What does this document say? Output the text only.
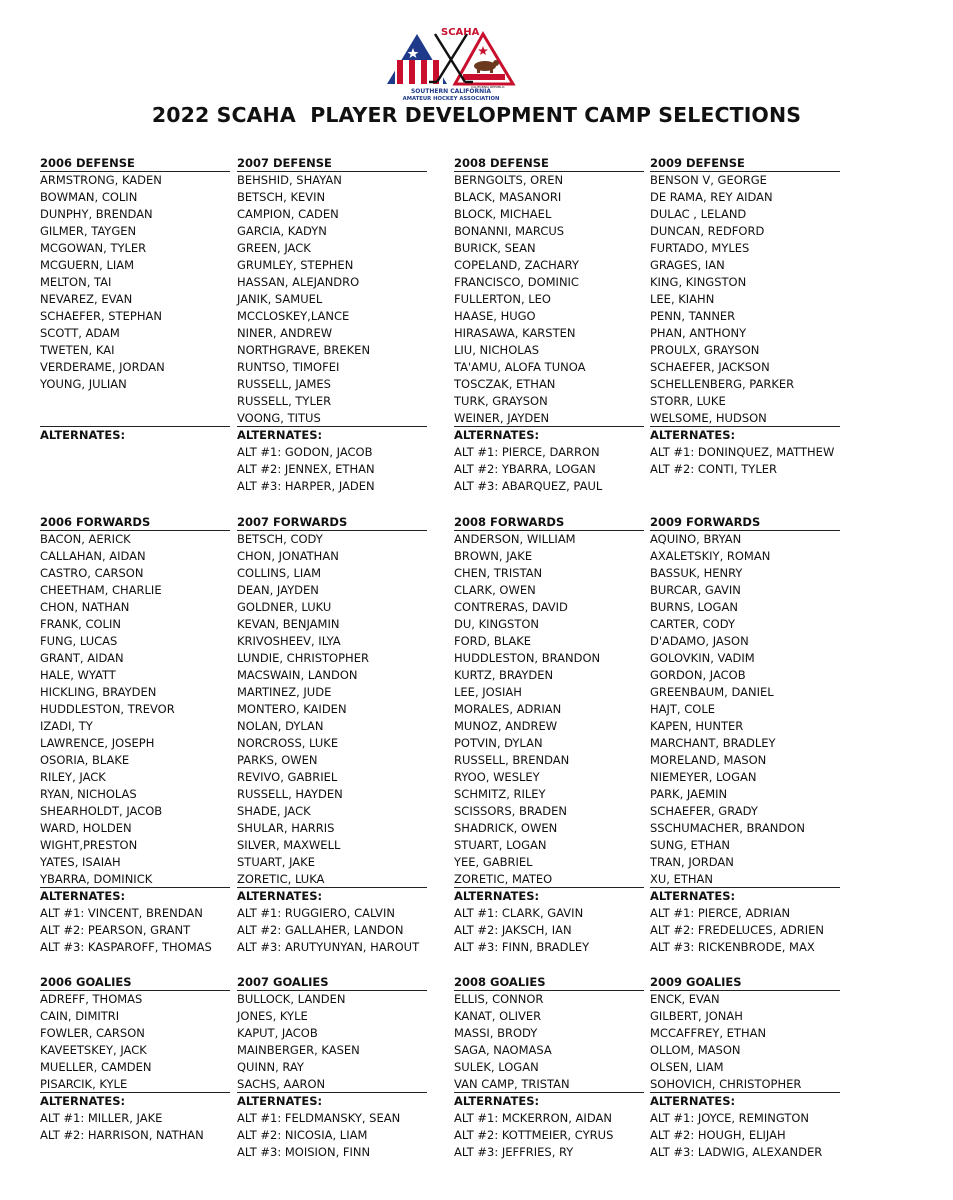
SCAHA
CALIFORNIA REPUBLIC
SOUTHERN CALIFORNIA
AMATEUR HOCKEY ASSOCIATION
2022 SCAHA  PLAYER DEVELOPMENT CAMP SELECTIONS
2006 DEFENSE
ARMSTRONG, KADEN
BOWMAN, COLIN
DUNPHY, BRENDAN
GILMER, TAYGEN
MCGOWAN, TYLER
MCGUERN, LIAM
MELTON, TAI
NEVAREZ, EVAN
SCHAEFER, STEPHAN
SCOTT, ADAM
TWETEN, KAI
VERDERAME, JORDAN
YOUNG, JULIAN
ALTERNATES:
2007 DEFENSE
BEHSHID, SHAYAN
BETSCH, KEVIN
CAMPION, CADEN
GARCIA, KADYN
GREEN, JACK
GRUMLEY, STEPHEN
HASSAN, ALEJANDRO
JANIK, SAMUEL
MCCLOSKEY,LANCE
NINER, ANDREW
NORTHGRAVE, BREKEN
RUNTSO, TIMOFEI
RUSSELL, JAMES
RUSSELL, TYLER
VOONG, TITUS
ALTERNATES:
ALT #1: GODON, JACOB
ALT #2: JENNEX, ETHAN
ALT #3: HARPER, JADEN
2008 DEFENSE
BERNGOLTS, OREN
BLACK, MASANORI
BLOCK, MICHAEL
BONANNI, MARCUS
BURICK, SEAN
COPELAND, ZACHARY
FRANCISCO, DOMINIC
FULLERTON, LEO
HAASE, HUGO
HIRASAWA, KARSTEN
LIU, NICHOLAS
TA'AMU, ALOFA TUNOA
TOSCZAK, ETHAN
TURK, GRAYSON
WEINER, JAYDEN
ALTERNATES:
ALT #1: PIERCE, DARRON
ALT #2: YBARRA, LOGAN
ALT #3: ABARQUEZ, PAUL
2009 DEFENSE
BENSON V, GEORGE
DE RAMA, REY AIDAN
DULAC , LELAND
DUNCAN, REDFORD
FURTADO, MYLES
GRAGES, IAN
KING, KINGSTON
LEE, KIAHN
PENN, TANNER
PHAN, ANTHONY
PROULX, GRAYSON
SCHAEFER, JACKSON
SCHELLENBERG, PARKER
STORR, LUKE
WELSOME, HUDSON
ALTERNATES:
ALT #1: DONINQUEZ, MATTHEW
ALT #2: CONTI, TYLER
2006 FORWARDS
BACON, AERICK
CALLAHAN, AIDAN
CASTRO, CARSON
CHEETHAM, CHARLIE
CHON, NATHAN
FRANK, COLIN
FUNG, LUCAS
GRANT, AIDAN
HALE, WYATT
HICKLING, BRAYDEN
HUDDLESTON, TREVOR
IZADI, TY
LAWRENCE, JOSEPH
OSORIA, BLAKE
RILEY, JACK
RYAN, NICHOLAS
SHEARHOLDT, JACOB
WARD, HOLDEN
WIGHT,PRESTON
YATES, ISAIAH
YBARRA, DOMINICK
ALTERNATES:
ALT #1: VINCENT, BRENDAN
ALT #2: PEARSON, GRANT
ALT #3: KASPAROFF, THOMAS
2007 FORWARDS
BETSCH, CODY
CHON, JONATHAN
COLLINS, LIAM
DEAN, JAYDEN
GOLDNER, LUKU
KEVAN, BENJAMIN
KRIVOSHEEV, ILYA
LUNDIE, CHRISTOPHER
MACSWAIN, LANDON
MARTINEZ, JUDE
MONTERO, KAIDEN
NOLAN, DYLAN
NORCROSS, LUKE
PARKS, OWEN
REVIVO, GABRIEL
RUSSELL, HAYDEN
SHADE, JACK
SHULAR, HARRIS
SILVER, MAXWELL
STUART, JAKE
ZORETIC, LUKA
ALTERNATES:
ALT #1: RUGGIERO, CALVIN
ALT #2: GALLAHER, LANDON
ALT #3: ARUTYUNYAN, HAROUT
2008 FORWARDS
ANDERSON, WILLIAM
BROWN, JAKE
CHEN, TRISTAN
CLARK, OWEN
CONTRERAS, DAVID
DU, KINGSTON
FORD, BLAKE
HUDDLESTON, BRANDON
KURTZ, BRAYDEN
LEE, JOSIAH
MORALES, ADRIAN
MUNOZ, ANDREW
POTVIN, DYLAN
RUSSELL, BRENDAN
RYOO, WESLEY
SCHMITZ, RILEY
SCISSORS, BRADEN
SHADRICK, OWEN
STUART, LOGAN
YEE, GABRIEL
ZORETIC, MATEO
ALTERNATES:
ALT #1: CLARK, GAVIN
ALT #2: JAKSCH, IAN
ALT #3: FINN, BRADLEY
2009 FORWARDS
AQUINO, BRYAN
AXALETSKIY, ROMAN
BASSUK, HENRY
BURCAR, GAVIN
BURNS, LOGAN
CARTER, CODY
D'ADAMO, JASON
GOLOVKIN, VADIM
GORDON, JACOB
GREENBAUM, DANIEL
HAJT, COLE
KAPEN, HUNTER
MARCHANT, BRADLEY
MORELAND, MASON
NIEMEYER, LOGAN
PARK, JAEMIN
SCHAEFER, GRADY
SSCHUMACHER, BRANDON
SUNG, ETHAN
TRAN, JORDAN
XU, ETHAN
ALTERNATES:
ALT #1: PIERCE, ADRIAN
ALT #2: FREDELUCES, ADRIEN
ALT #3: RICKENBRODE, MAX
2006 GOALIES
ADREFF, THOMAS
CAIN, DIMITRI
FOWLER, CARSON
KAVEETSKEY, JACK
MUELLER, CAMDEN
PISARCIK, KYLE
ALTERNATES:
ALT #1: MILLER, JAKE
ALT #2: HARRISON, NATHAN
2007 GOALIES
BULLOCK, LANDEN
JONES, KYLE
KAPUT, JACOB
MAINBERGER, KASEN
QUINN, RAY
SACHS, AARON
ALTERNATES:
ALT #1: FELDMANSKY, SEAN
ALT #2: NICOSIA, LIAM
ALT #3: MOISION, FINN
2008 GOALIES
ELLIS, CONNOR
KANAT, OLIVER
MASSI, BRODY
SAGA, NAOMASA
SULEK, LOGAN
VAN CAMP, TRISTAN
ALTERNATES:
ALT #1: MCKERRON, AIDAN
ALT #2: KOTTMEIER, CYRUS
ALT #3: JEFFRIES, RY
2009 GOALIES
ENCK, EVAN
GILBERT, JONAH
MCCAFFREY, ETHAN
OLLOM, MASON
OLSEN, LIAM
SOHOVICH, CHRISTOPHER
ALTERNATES:
ALT #1: JOYCE, REMINGTON
ALT #2: HOUGH, ELIJAH
ALT #3: LADWIG, ALEXANDER
